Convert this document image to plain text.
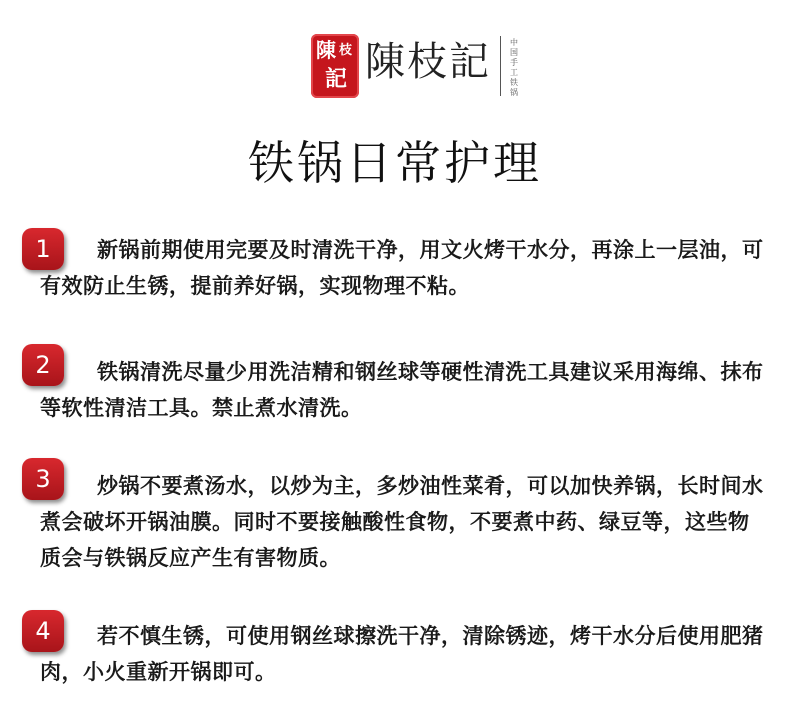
陳 枝
記 陳枝記 中国手工铁锅
铁锅日常护理
1	新锅前期使用完要及时清洗干净，用文火烤干水分，再涂上一层油，可有效防止生锈，提前养好锅，实现物理不粘。
2	铁锅清洗尽量少用洗洁精和钢丝球等硬性清洗工具建议采用海绵、抹布等软性清洁工具。禁止煮水清洗。
3	炒锅不要煮汤水，以炒为主，多炒油性菜肴，可以加快养锅，长时间水煮会破坏开锅油膜。同时不要接触酸性食物，不要煮中药、绿豆等，这些物质会与铁锅反应产生有害物质。
4	若不慎生锈，可使用钢丝球擦洗干净，清除锈迹，烤干水分后使用肥猪肉，小火重新开锅即可。
